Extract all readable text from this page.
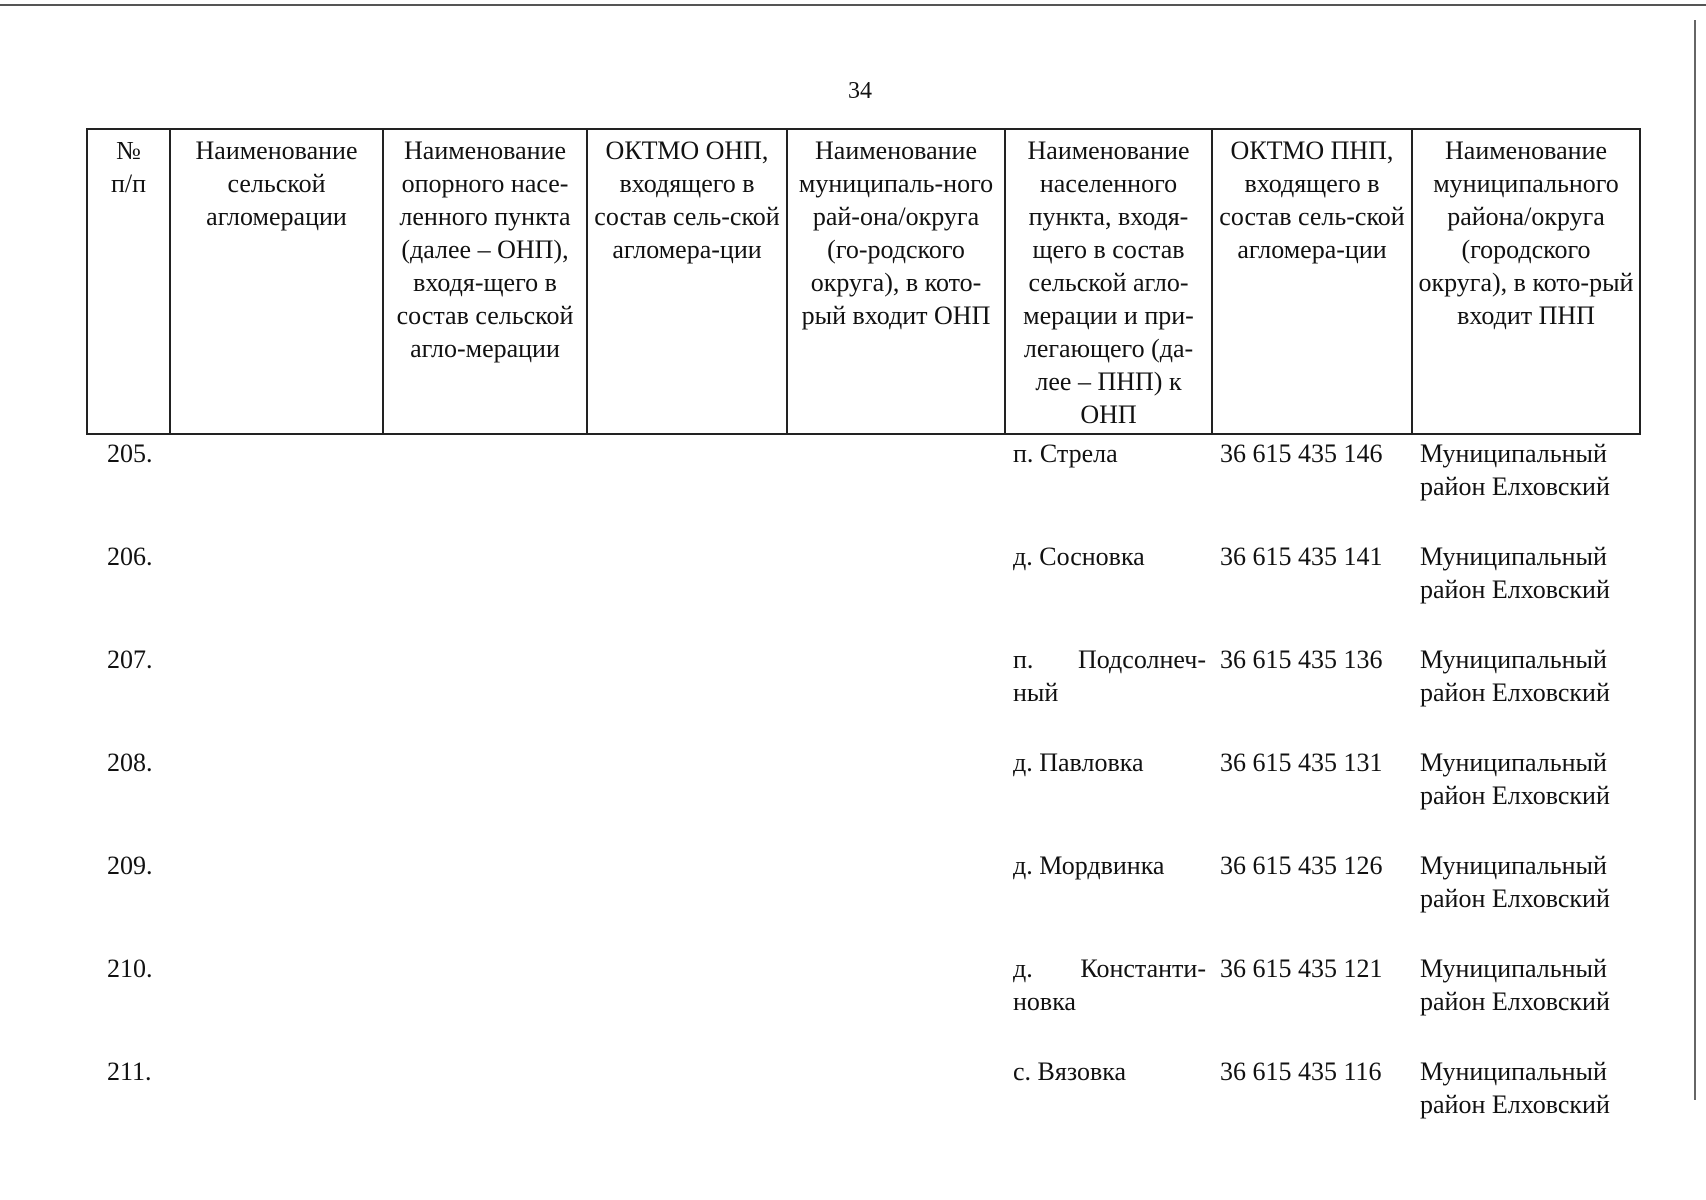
34
№
п/п	Наименование сельской агломерации	Наименование опорного насе-ленного пункта (далее – ОНП), входя-щего в состав сельской агло-мерации	ОКТМО ОНП, входящего в состав сель-ской агломера-ции	Наименование муниципаль-ного рай-она/округа (го-родского округа), в кото-рый входит ОНП	Наименование населенного пункта, входя-щего в состав сельской агло-мерации и при-легающего (да-лее – ПНП) к ОНП	ОКТМО ПНП, входящего в состав сель-ской агломера-ции	Наименование муниципального района/округа (городского округа), в кото-рый входит ПНП

205.					п. Стрела	36 615 435 146	Муниципальный район Елховский

206.					д. Сосновка	36 615 435 141	Муниципальный район Елховский

207.					п. Подсолнеч-ный	36 615 435 136	Муниципальный район Елховский

208.					д. Павловка	36 615 435 131	Муниципальный район Елховский

209.					д. Мордвинка	36 615 435 126	Муниципальный район Елховский

210.					д. Константи-новка	36 615 435 121	Муниципальный район Елховский

211.					с. Вязовка	36 615 435 116	Муниципальный район Елховский
